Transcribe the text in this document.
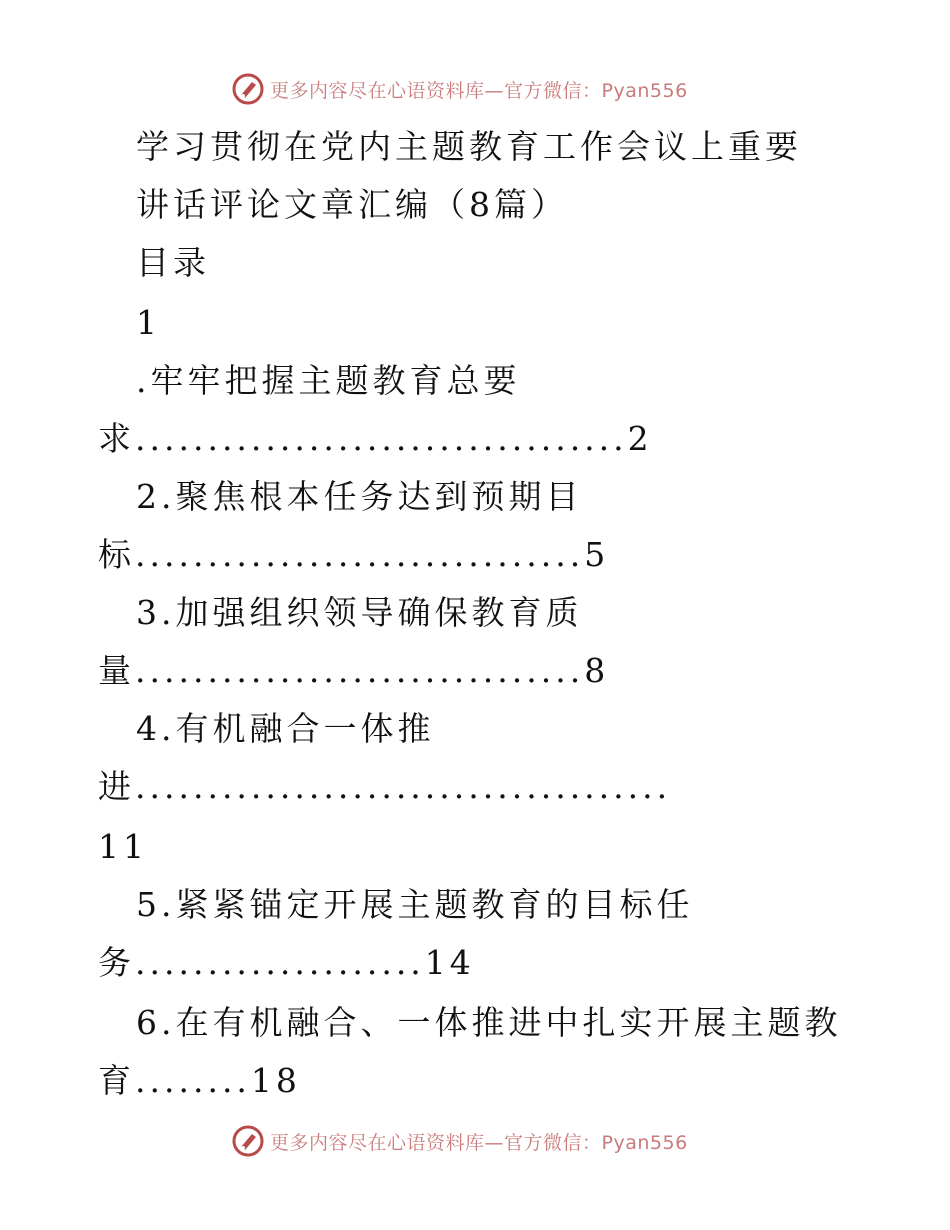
更多内容尽在心语资料库—官方微信：Pyan556
学习贯彻在党内主题教育工作会议上重要
讲话评论文章汇编（8篇）
目录
1
.牢牢把握主题教育总要
求..................................2
2.聚焦根本任务达到预期目
标...............................5
3.加强组织领导确保教育质
量...............................8
4.有机融合一体推
进.....................................
11
5.紧紧锚定开展主题教育的目标任
务....................14
6.在有机融合、一体推进中扎实开展主题教
育........18
更多内容尽在心语资料库—官方微信：Pyan556
